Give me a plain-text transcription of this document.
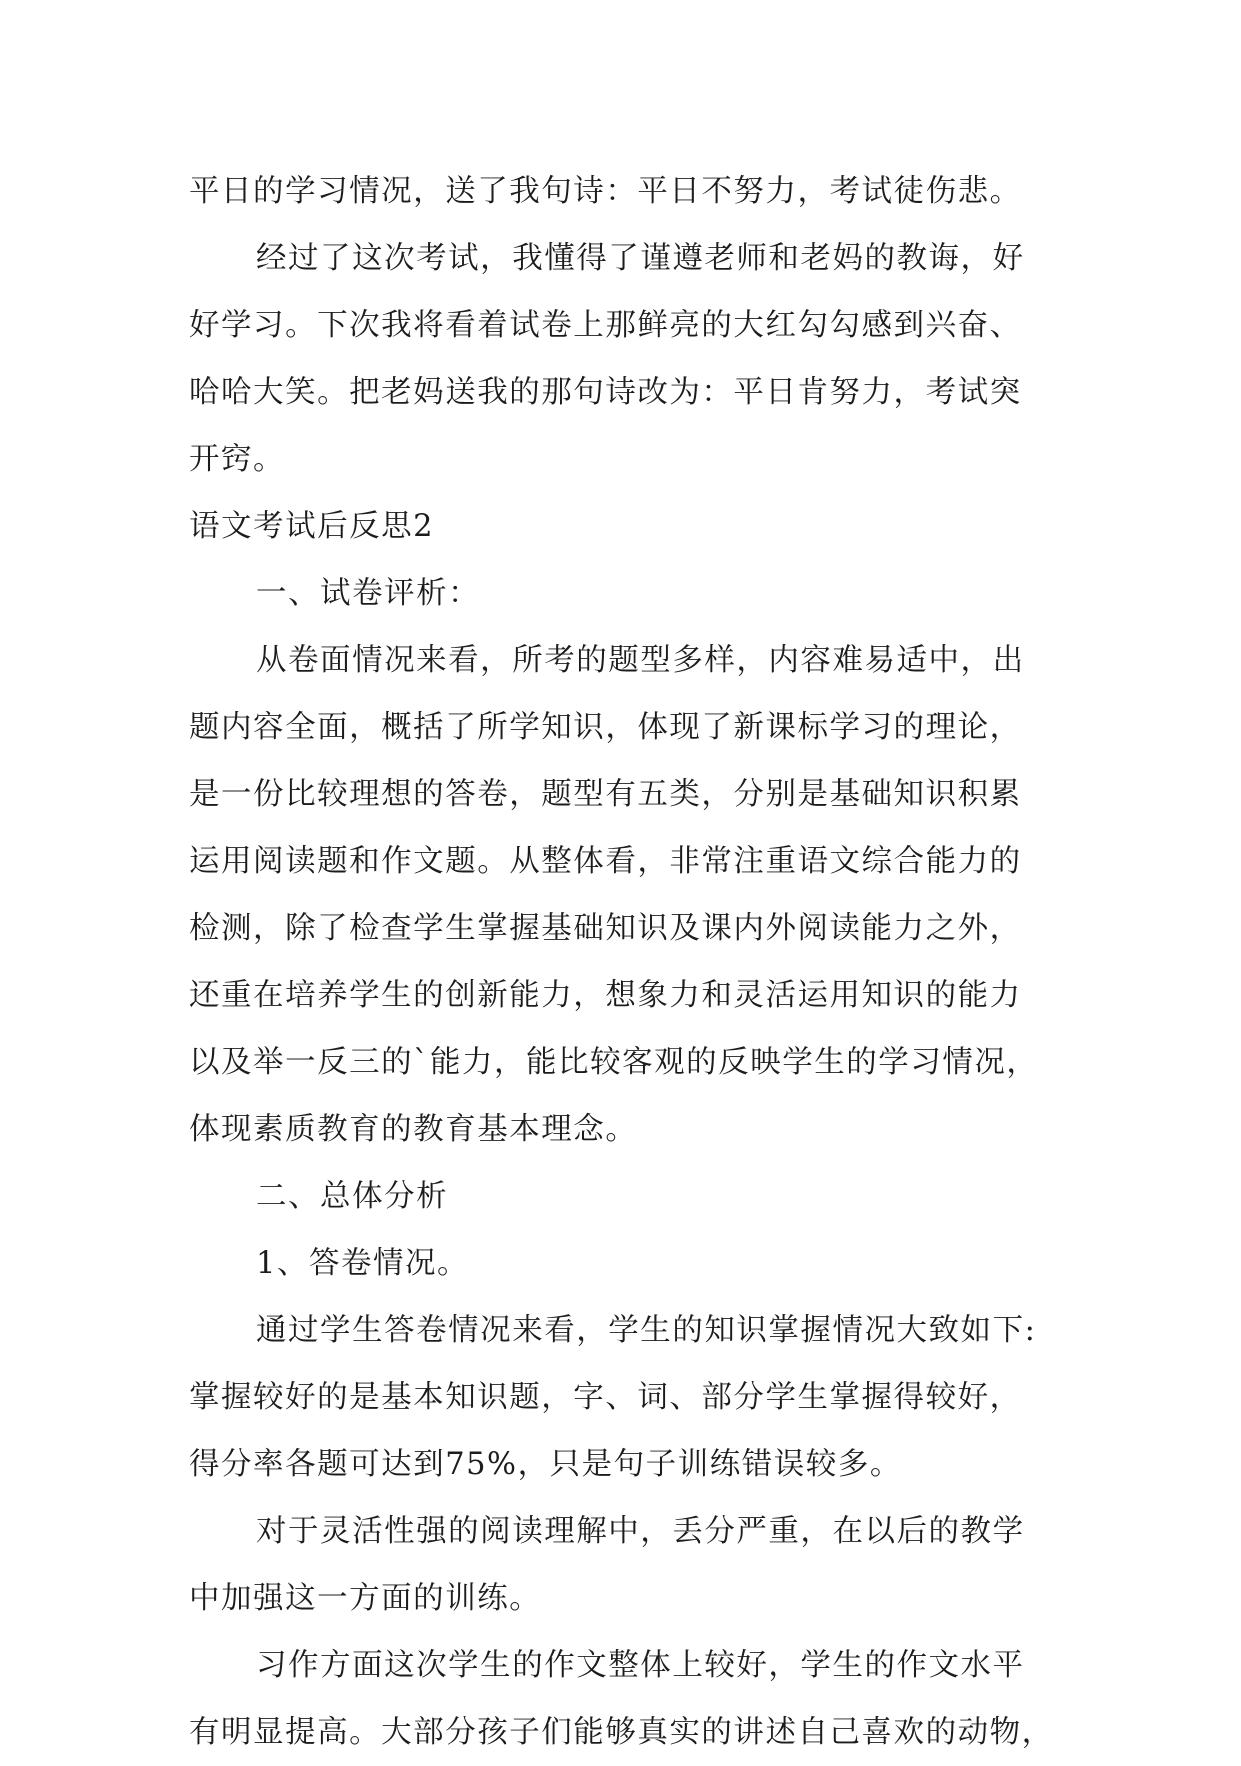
平日的学习情况，送了我句诗：平日不努力，考试徒伤悲。
经过了这次考试，我懂得了谨遵老师和老妈的教诲，好
好学习。下次我将看着试卷上那鲜亮的大红勾勾感到兴奋、
哈哈大笑。把老妈送我的那句诗改为：平日肯努力，考试突
开窍。
语文考试后反思2
一、试卷评析：
从卷面情况来看，所考的题型多样，内容难易适中，出
题内容全面，概括了所学知识，体现了新课标学习的理论，
是一份比较理想的答卷，题型有五类，分别是基础知识积累
运用阅读题和作文题。从整体看，非常注重语文综合能力的
检测，除了检查学生掌握基础知识及课内外阅读能力之外，
还重在培养学生的创新能力，想象力和灵活运用知识的能力
以及举一反三的`能力，能比较客观的反映学生的学习情况，
体现素质教育的教育基本理念。
二、总体分析
1、答卷情况。
通过学生答卷情况来看，学生的知识掌握情况大致如下:
掌握较好的是基本知识题，字、词、部分学生掌握得较好，
得分率各题可达到75%，只是句子训练错误较多。
对于灵活性强的阅读理解中，丢分严重，在以后的教学
中加强这一方面的训练。
习作方面这次学生的作文整体上较好，学生的作文水平
有明显提高。大部分孩子们能够真实的讲述自己喜欢的动物，
